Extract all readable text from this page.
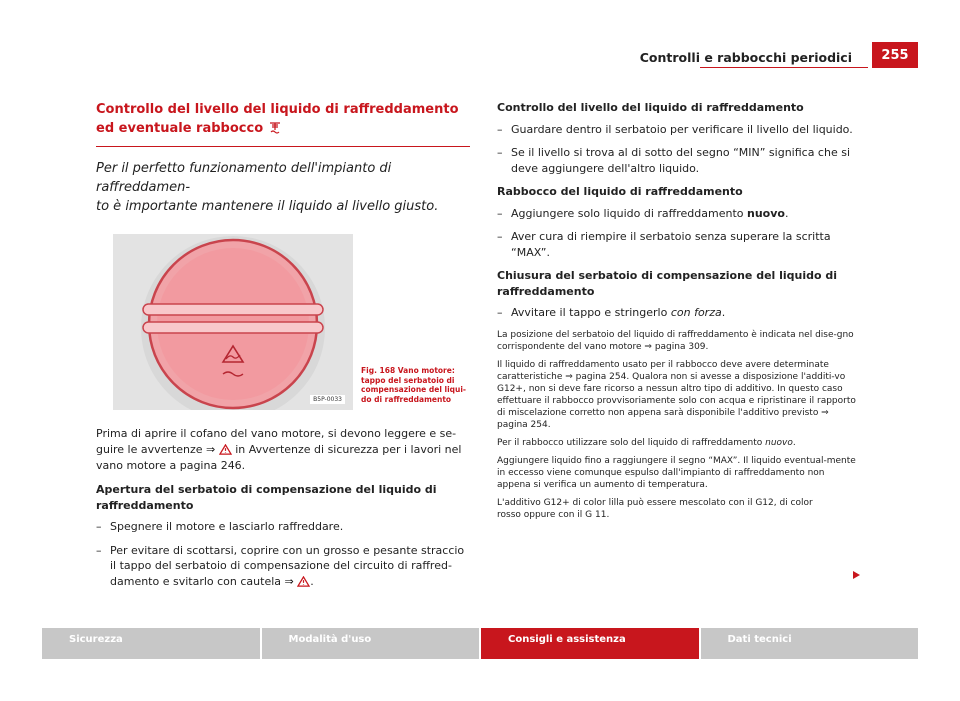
Controlli e rabbocchi periodici	255
Controllo del livello del liquido di raffreddamento ed eventuale rabbocco

Per il perfetto funzionamento dell'impianto di raffreddamen-
to è importante mantenere il liquido al livello giusto.

B5P-0033
Fig. 168 Vano motore: tappo del serbatoio di compensazione del liqui-do di raffreddamento

Prima di aprire il cofano del vano motore, si devono leggere e se-guire le avvertenze ⇒  in Avvertenze di sicurezza per i lavori nel vano motore a pagina 246.

Apertura del serbatoio di compensazione del liquido di raffreddamento
– Spegnere il motore e lasciarlo raffreddare.
– Per evitare di scottarsi, coprire con un grosso e pesante straccio il tappo del serbatoio di compensazione del circuito di raffred-damento e svitarlo con cautela ⇒ .
Controllo del livello del liquido di raffreddamento
– Guardare dentro il serbatoio per verificare il livello del liquido.
– Se il livello si trova al di sotto del segno “MIN” significa che si deve aggiungere dell'altro liquido.
Rabbocco del liquido di raffreddamento
– Aggiungere solo liquido di raffreddamento nuovo.
– Aver cura di riempire il serbatoio senza superare la scritta “MAX”.
Chiusura del serbatoio di compensazione del liquido di raffreddamento
– Avvitare il tappo e stringerlo con forza.

La posizione del serbatoio del liquido di raffreddamento è indicata nel dise-gno corrispondente del vano motore ⇒ pagina 309.

Il liquido di raffreddamento usato per il rabbocco deve avere determinate caratteristiche ⇒ pagina 254. Qualora non si avesse a disposizione l'additi-vo G12+, non si deve fare ricorso a nessun altro tipo di additivo. In questo caso effettuare il rabbocco provvisoriamente solo con acqua e ripristinare il rapporto di miscelazione corretto non appena sarà disponibile l'additivo previsto ⇒ pagina 254.

Per il rabbocco utilizzare solo del liquido di raffreddamento nuovo.

Aggiungere liquido fino a raggiungere il segno “MAX”. Il liquido eventual-mente in eccesso viene comunque espulso dall'impianto di raffreddamento non appena si verifica un aumento di temperatura.

L'additivo G12+ di color lilla può essere mescolato con il G12, di color rosso oppure con il G 11.

Sicurezza	Modalità d'uso	Consigli e assistenza	Dati tecnici
